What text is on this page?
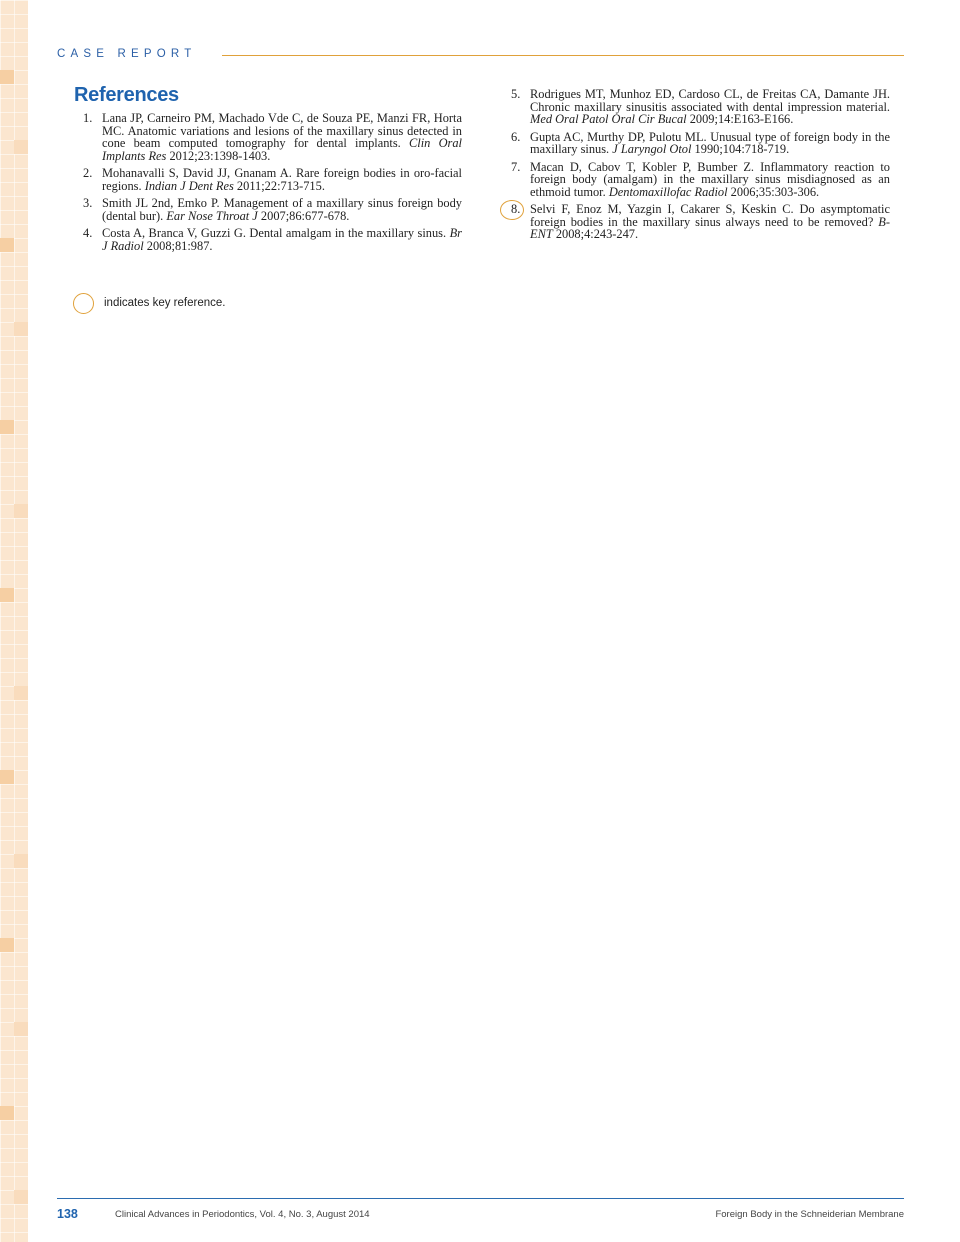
CASE REPORT
References
1. Lana JP, Carneiro PM, Machado Vde C, de Souza PE, Manzi FR, Horta MC. Anatomic variations and lesions of the maxillary sinus detected in cone beam computed tomography for dental implants. Clin Oral Implants Res 2012;23:1398-1403.
2. Mohanavalli S, David JJ, Gnanam A. Rare foreign bodies in oro-facial regions. Indian J Dent Res 2011;22:713-715.
3. Smith JL 2nd, Emko P. Management of a maxillary sinus foreign body (dental bur). Ear Nose Throat J 2007;86:677-678.
4. Costa A, Branca V, Guzzi G. Dental amalgam in the maxillary sinus. Br J Radiol 2008;81:987.
5. Rodrigues MT, Munhoz ED, Cardoso CL, de Freitas CA, Damante JH. Chronic maxillary sinusitis associated with dental impression material. Med Oral Patol Oral Cir Bucal 2009;14:E163-E166.
6. Gupta AC, Murthy DP, Pulotu ML. Unusual type of foreign body in the maxillary sinus. J Laryngol Otol 1990;104:718-719.
7. Macan D, Cabov T, Kobler P, Bumber Z. Inflammatory reaction to foreign body (amalgam) in the maxillary sinus misdiagnosed as an ethmoid tumor. Dentomaxillofac Radiol 2006;35:303-306.
8. Selvi F, Enoz M, Yazgin I, Cakarer S, Keskin C. Do asymptomatic foreign bodies in the maxillary sinus always need to be removed? B-ENT 2008;4:243-247.
indicates key reference.
138	Clinical Advances in Periodontics, Vol. 4, No. 3, August 2014	Foreign Body in the Schneiderian Membrane
